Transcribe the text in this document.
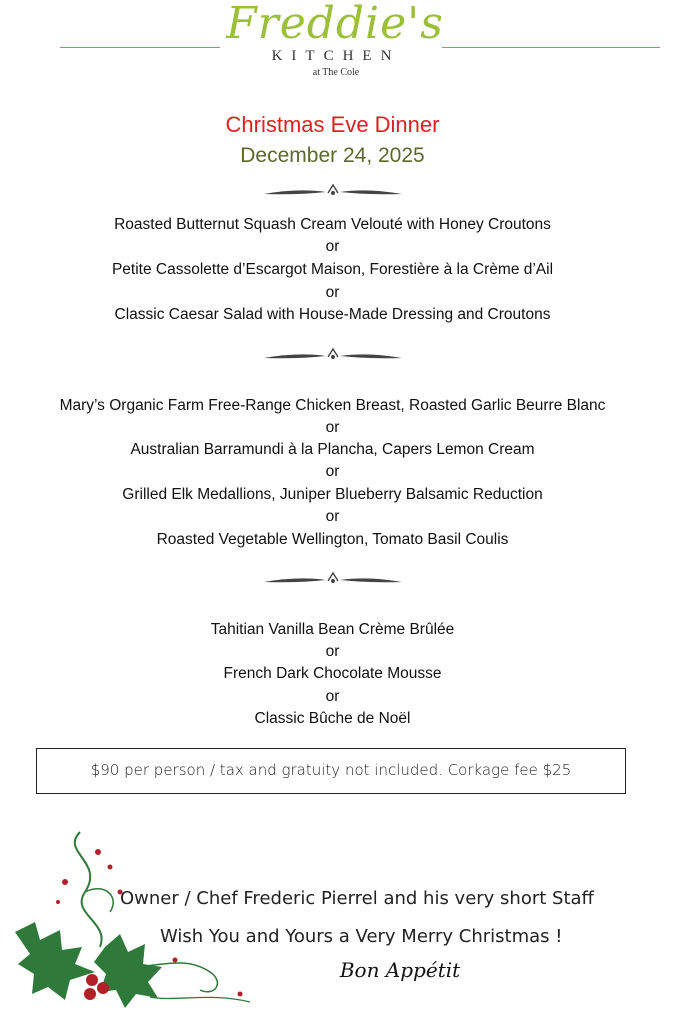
Freddie's
KITCHEN
at The Cole
Christmas Eve Dinner
December 24, 2025
Roasted Butternut Squash Cream Velouté with Honey Croutons
or
Petite Cassolette d’Escargot Maison, Forestière à la Crème d’Ail
or
Classic Caesar Salad with House-Made Dressing and Croutons
Mary’s Organic Farm Free-Range Chicken Breast, Roasted Garlic Beurre Blanc
or
Australian Barramundi à la Plancha, Capers Lemon Cream
or
Grilled Elk Medallions, Juniper Blueberry Balsamic Reduction
or
Roasted Vegetable Wellington, Tomato Basil Coulis
Tahitian Vanilla Bean Crème Brûlée
or
French Dark Chocolate Mousse
or
Classic Bûche de Noël
$90 per person / tax and gratuity not included. Corkage fee $25
Owner / Chef Frederic Pierrel and his very short Staff
Wish You and Yours a Very Merry Christmas !
Bon Appétit
